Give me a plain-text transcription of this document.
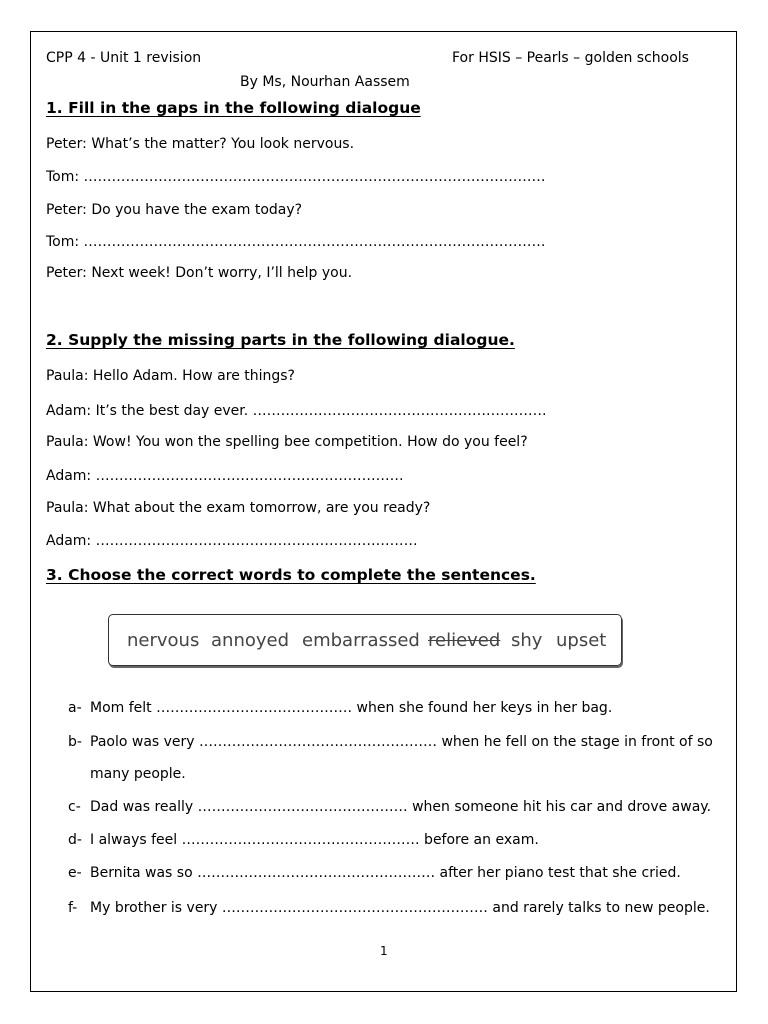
CPP 4 - Unit 1 revision	For HSIS – Pearls – golden schools
By Ms, Nourhan Aassem
1. Fill in the gaps in the following dialogue
Peter: What’s the matter? You look nervous.
Tom: ………………………………………………………………………………………
Peter: Do you have the exam today?
Tom: ………………………………………………………………………………………
Peter: Next week! Don’t worry, I’ll help you.
2. Supply the missing parts in the following dialogue.
Paula: Hello Adam. How are things?
Adam: It’s the best day ever. ………………………………………………………
Paula: Wow! You won the spelling bee competition. How do you feel?
Adam: …………………………………………………………
Paula: What about the exam tomorrow, are you ready?
Adam: ……………………………………………………………
3. Choose the correct words to complete the sentences.
nervous annoyed embarrassed relieved shy upset
a- Mom felt …………………………………… when she found her keys in her bag.
b- Paolo was very …………………………………………… when he fell on the stage in front of so
many people.
c- Dad was really ……………………………………… when someone hit his car and drove away.
d- I always feel …………………………………………… before an exam.
e- Bernita was so …………………………………………… after her piano test that she cried.
f- My brother is very ………………………………………………… and rarely talks to new people.
1
